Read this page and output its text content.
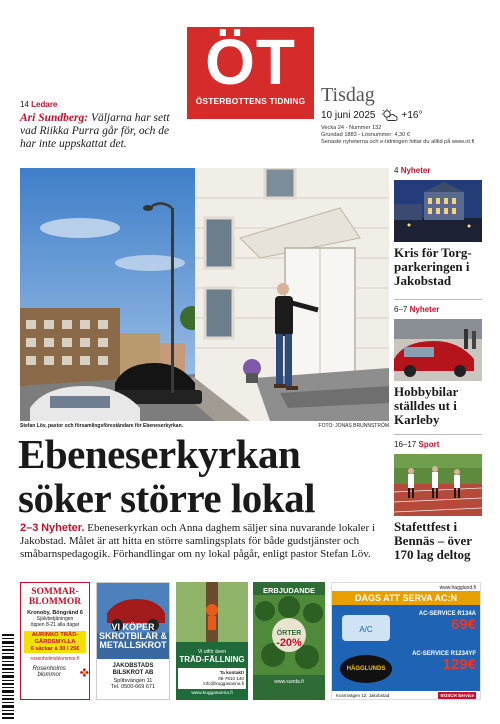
14 Ledare
Ari Sundberg: Väljarna har sett vad Riikka Purra går för, och de har inte uppskattat det.
ÖT
ÖSTERBOTTENS TIDNING Tisdag
10 juni 2025	+16°
Vecka 24 - Nummer 132
Grundad 1883 - Lösnummer: 4,30 €
Senaste nyheterna och e-tidningen hittar du alltid på www.ot.fi
Stefan Löv, pastor och församlingsföreståndare för Ebeneserkyrkan.	FOTO: JONAS BRUNNSTRÖM
Ebeneserkyrkan
söker större lokal
2–3 Nyheter. Ebeneserkyrkan och Anna daghem säljer sina nuvarande lokaler i Jakobstad. Målet är att hitta en större samlingsplats för både gudstjänster och småbarnspedagogik. Förhandlingar om ny lokal pågår, enligt pastor Stefan Löv.
4 Nyheter
Kris för Torg-parkeringen i Jakobstad
6–7 Nyheter
Hobbybilar ställdes ut i Karleby
16–17 Sport
Stafettfest i Bennäs – över 170 lag deltog
SOMMAR-BLOMMOR
Kronoby, Böngränd 6
Självbetjäningen
öppen 8-21 alla dagar
AURINKO TRÄD-GÅRDSMYLLA
6 säckar à 30 l 25€
rosenholmsblommor.fi
Rosenholms blommor
VI KÖPER SKROTBILAR & METALLSKROT
JAKOBSTADS BILSKROT AB
Splitsvängen 11
Tel. 0500-669 671
Vi utför även
TRÄD-FÄLLNING
Ta kontakt!
06-7810 140
info@kuggasanna.fi
www.kuggasanna.fi
ERBJUDANDE
ÖRTER
-20%
www.sunda.fi
www.hagglund.fi
DAGS ATT SERVA AC:N
AC-SERVICE R134A
69€
A/C
AC-SERVICE R1234YF
129€
HÄGGLUNDS
Kvarnvägen 12, Jakobstad	BOSCH Service
